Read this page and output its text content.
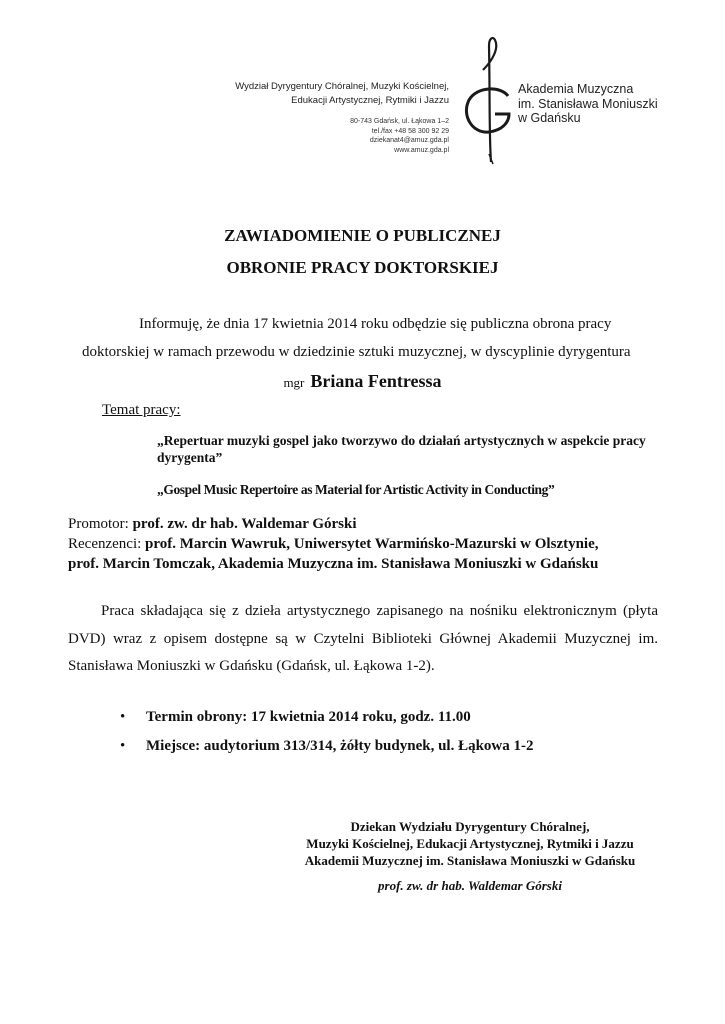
Wydział Dyrygentury Chóralnej, Muzyki Kościelnej,
Edukacji Artystycznej, Rytmiki i Jazzu
80-743 Gdańsk, ul. Łąkowa 1–2
tel./fax +48 58 300 92 29
dziekanat4@amuz.gda.pl
www.amuz.gda.pl
Akademia Muzyczna
im. Stanisława Moniuszki
w Gdańsku
ZAWIADOMIENIE O PUBLICZNEJ
OBRONIE PRACY DOKTORSKIEJ
Informuję, że dnia 17 kwietnia 2014 roku odbędzie się publiczna obrona pracy
doktorskiej w ramach przewodu w dziedzinie sztuki muzycznej, w dyscyplinie dyrygentura
mgr Briana Fentressa
Temat pracy:
„Repertuar muzyki gospel jako tworzywo do działań artystycznych w aspekcie pracy dyrygenta”
„Gospel Music Repertoire as Material for Artistic Activity in Conducting”
Promotor: prof. zw. dr hab. Waldemar Górski
Recenzenci: prof. Marcin Wawruk, Uniwersytet Warmińsko-Mazurski w Olsztynie,
prof. Marcin Tomczak, Akademia Muzyczna im. Stanisława Moniuszki w Gdańsku
Praca składająca się z dzieła artystycznego zapisanego na nośniku elektronicznym (płyta DVD) wraz z opisem dostępne są w Czytelni Biblioteki Głównej Akademii Muzycznej im. Stanisława Moniuszki w Gdańsku (Gdańsk, ul. Łąkowa 1-2).
• Termin obrony: 17 kwietnia 2014 roku, godz. 11.00
• Miejsce: audytorium 313/314, żółty budynek, ul. Łąkowa 1-2
Dziekan Wydziału Dyrygentury Chóralnej,
Muzyki Kościelnej, Edukacji Artystycznej, Rytmiki i Jazzu
Akademii Muzycznej im. Stanisława Moniuszki w Gdańsku
prof. zw. dr hab. Waldemar Górski
